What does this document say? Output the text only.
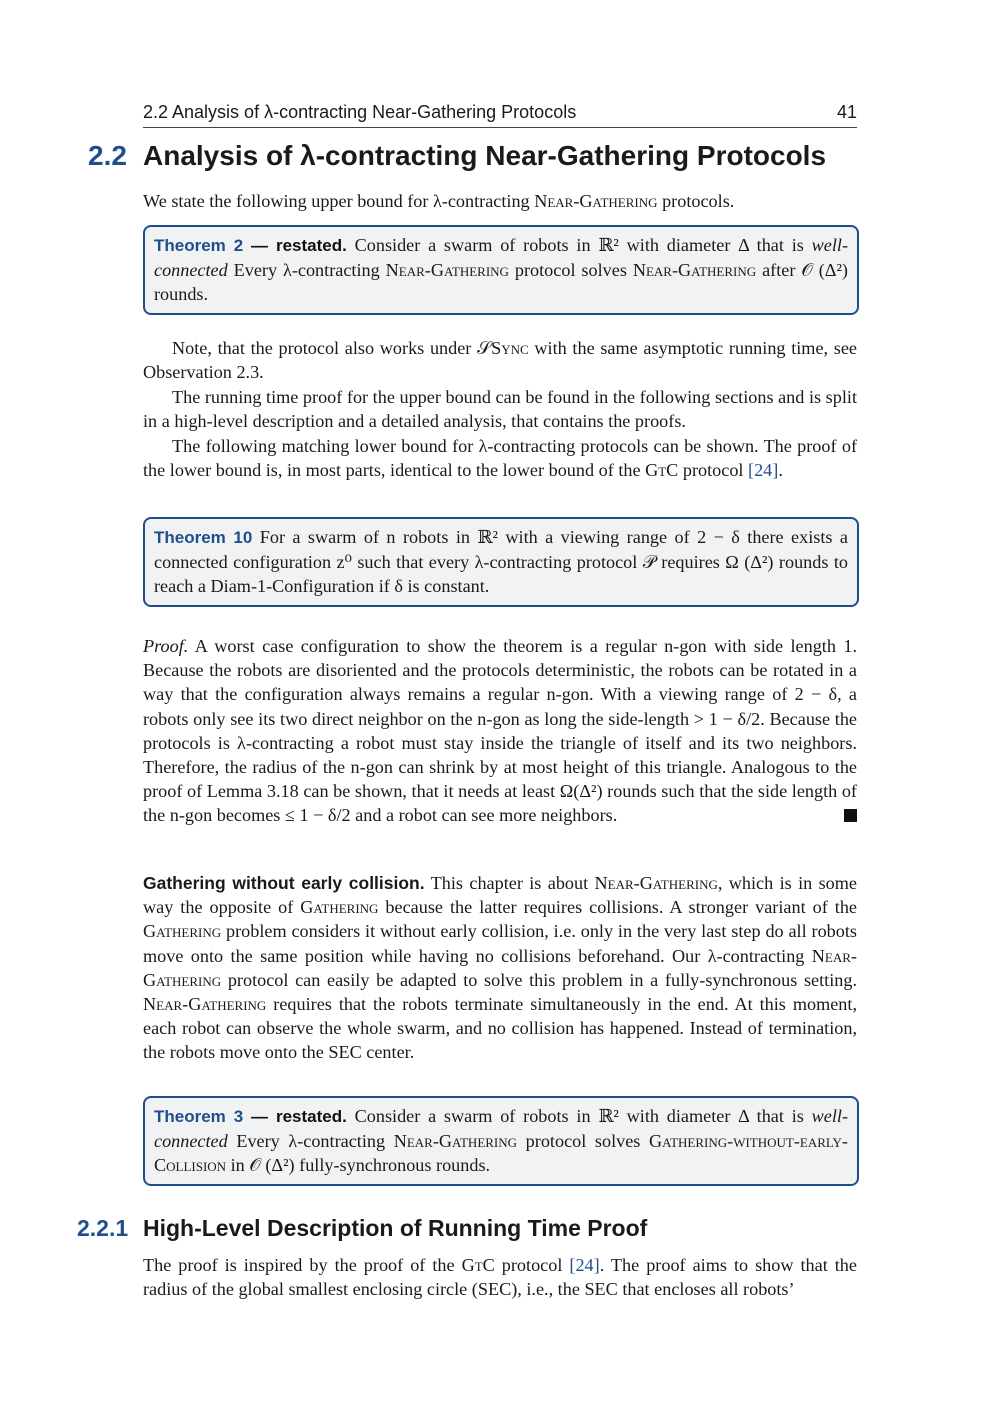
2.2 Analysis of λ-contracting Near-Gathering Protocols	41
2.2 Analysis of λ-contracting Near-Gathering Protocols
We state the following upper bound for λ-contracting Near-Gathering protocols.
Theorem 2 — restated. Consider a swarm of robots in ℝ² with diameter Δ that is well-connected Every λ-contracting Near-Gathering protocol solves Near-Gathering after 𝒪 (Δ²) rounds.
Note, that the protocol also works under 𝒮Sync with the same asymptotic running time, see Observation 2.3.
The running time proof for the upper bound can be found in the following sections and is split in a high-level description and a detailed analysis, that contains the proofs.
The following matching lower bound for λ-contracting protocols can be shown. The proof of the lower bound is, in most parts, identical to the lower bound of the GtC protocol [24].
Theorem 10 For a swarm of n robots in ℝ² with a viewing range of 2 − δ there exists a connected configuration z⁰ such that every λ-contracting protocol 𝒫 requires Ω (Δ²) rounds to reach a Diam-1-Configuration if δ is constant.
Proof. A worst case configuration to show the theorem is a regular n-gon with side length 1. Because the robots are disoriented and the protocols deterministic, the robots can be rotated in a way that the configuration always remains a regular n-gon. With a viewing range of 2 − δ, a robots only see its two direct neighbor on the n-gon as long the side-length > 1 − δ/2. Because the protocols is λ-contracting a robot must stay inside the triangle of itself and its two neighbors. Therefore, the radius of the n-gon can shrink by at most height of this triangle. Analogous to the proof of Lemma 3.18 can be shown, that it needs at least Ω(Δ²) rounds such that the side length of the n-gon becomes ≤ 1 − δ/2 and a robot can see more neighbors.
Gathering without early collision. This chapter is about Near-Gathering, which is in some way the opposite of Gathering because the latter requires collisions. A stronger variant of the Gathering problem considers it without early collision, i.e. only in the very last step do all robots move onto the same position while having no collisions beforehand. Our λ-contracting Near-Gathering protocol can easily be adapted to solve this problem in a fully-synchronous setting. Near-Gathering requires that the robots terminate simultaneously in the end. At this moment, each robot can observe the whole swarm, and no collision has happened. Instead of termination, the robots move onto the SEC center.
Theorem 3 — restated. Consider a swarm of robots in ℝ² with diameter Δ that is well-connected Every λ-contracting Near-Gathering protocol solves Gathering-without-early-Collision in 𝒪 (Δ²) fully-synchronous rounds.
2.2.1 High-Level Description of Running Time Proof
The proof is inspired by the proof of the GtC protocol [24]. The proof aims to show that the radius of the global smallest enclosing circle (SEC), i.e., the SEC that encloses all robots’
